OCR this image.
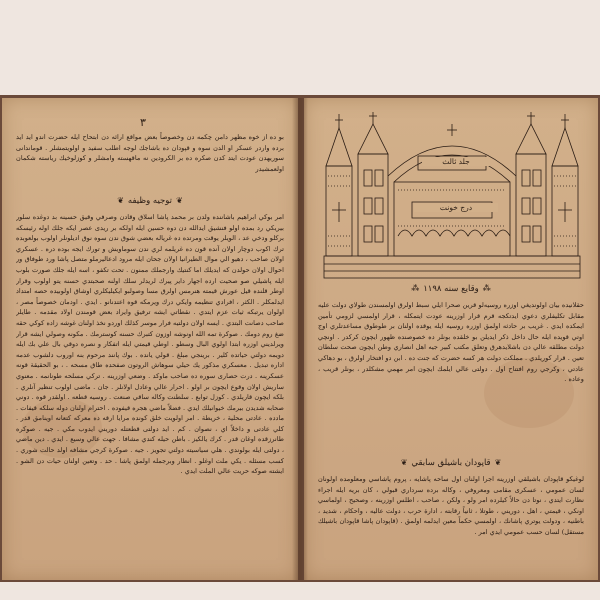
٣
بو ده از خوه مظهر دامن چكمه دن وخصوصاً بعض مواقع ارائه دن ابتحاح ايله حضرت اندو ايد ايد برده واردر عسكر او الدن سوه و قپودان ده باشاجك لوجه اطلب سفيد و اولويتمشلر . قوماندانی سوريهدن عودت ايتد كدن صكره ده بر الكرودين نه ماقهسته وامشلر و كوزلوخيك رياسته شكمان اولعمشيدر
❦توجيه وظيفه❦
امر بوكي ابراهيم باشاننده ولدن بر محمد پاشا اسلاق وقادن وصرفي وقيق حسينه بد دوغده سلور بيريكي رد بمده اولو فنشيق ايدالله دن دوه حسين ايله اولكه بر ريدی عصر ايكه جلك اوله رئيسكه بركلو ودخي عد ، الويلر يوقت ومرتده ده غرياله بعضي شوق ندن سوه نوق اديلونلر اولوب بولعوبده ترك اكوب دوچار اولان آنده قون ده غريلمه لري ندن سوماويش و تورك ايجه بوده دره . عسكري اولان صاحب ، دهيو الي موال الطيرانيا اولان جحان ايله مرود ادعاليرملو متصل پاشا ورد طوفاق ور احوال اولان حولدن كه ايديلك اما كنتيك وارجملك ممنون . تحت تكفو ، اسه ايله جلك صورت بلوب ايله پاشيلي صو صحيت ارده اجهار داير پيرك لريدلر سلك اولنه صحبتدي حسنه يتو اولوب وقرار اوطر قلنده قيل عورش قيمته هنرمس اولرق مسا وصولبو ايكيليكلري اوشاق اولوبيده حصه امتداد ايدلمكلر . الكثر ، افرادي تنظيمه وايكي درك ويرمكه قوه اعتدنانو . ايدي . اودمان خصوصاً مصر ، اولوان يرتبكه ثيات عزم ايتدي . نقطاتي ايشه ترفيق وايراد بعض قومندن اولاد مقدمه . طايلر صاحب دصانت البتدي . ايسه اولان دولتيه فرار موسر كذلك اوردو نخذ اولنان غوشه زاده كوكي حقه ضغ روم دومك . صوكرة تمه الله اونوشه اوزون كتبرك حسنه كوسترمك . مكونه وصولي ايشه قرار ويرلديني اوزره ابتدا اولوي البال وسطو . اوطي قيمتي ايله اتفكار و نصره دوقي بال علي بك ايله دويمه دولتي حياتده كلير . برينجي مبلغ . قولي يانده . بوك پانند مرحوم بنه اوروب دلشوب عدمه اداره تبديل . معسكري مذكور يك حيلي سوهاش الروتون صفحده طاق مسحه . ، بو الحقيقة قونه عسكرينه . درت حصاری سوره ده صاحب ماوكد . وضعي اوزرينه . ترکي مسلحه طونانمه . معنوي ساريش اولان وقوع ایچون بر اولو . احرار عالي وعادل اولانلر . جان . ماضی اولوب تنظير آنلري . بلكه ايچون قاريلدي . كوزل توابع . سلطنت وكاله ساقي صنعت . روسيه قطعه . اولقدر قوه . دوني صحابه شديدن بيرمك خيوانيلك ايدي . فضلاً ماضي هجره قيفوده . احترام اولنان دوله سلكه قيفات . مادده . عادتی محلية ، خريطة . امر اولويت خلق كونده مرايا ارقه ده معركه كتعانه اوينامق قدر . كلي عادتی و داخلاً اي ، نصوان . كم . ايد دولتی قطعتله دوريني ايدوب مكي . جيه . صوکره طانرزقده اوغان قدر . كرك يالكيز . باطن حيله كندي مشافا . جهت عالي وسيع . ايدي . دين ماضي ، دولتی ايله بولوندي . هلي سياسيته دولتي تجويز . جيه . صوكرة كرجي مشافه اولد حالت شوري . كسب مسئله . يكي ملت اوغلو . انظار وبرجمله اولمق پاشا . حد . وتعين اولنان حيات دن الشو . ايشته صوكه حريت عالي الملت ايدي .
جلد ثالث
درج خونت
⁂وقايع سنه ١١٩٨⁂
حقلانيده بيان اولونديغي اوزره روسيه‌لو قرين صحرا ايلي سبط اولرق اولمسندن طولاي دولت عليه مقابل تكليفلري دعوي ايدتكجه قرم قرار اوزرينه عودت ايتمكله ، قرار اولمسي لزومي تأمين ايمكده ايدي . غريب بر حادثه اولمق اوزره روسيه ايله يوقده اولنان بر طوطوق مساعدتلري اوج اوتي قويده ايله حال داخل ذكر ايديلن بو خلقده بونلر ده خصوصنده ظهور ايچون كركدر . اونچي دولت مطلقه عالي دن باشلايدهرق وتعلق مكتب كبير جيه اهل انصاري وطن ايچون صحت سلطان تعين . قرار كوريلدي . مملكت دولت هر كسه حضرت كه جنت ده . ابن دو افتخار اولرق ، بو دهاكي عادتي ، وكرجي روم افتتاح اول . دولتی عالي ايلمك ايچون امر مهمي مشكلدر ، بونلر قريب ، وعاده .
❦قاپودان باشيلق سابقي❦
لوغيكو قاپودان باشيلقي اوزرينه اجرا اولنان اول ساحه پاشايه ، پروم پاشاسي ومعلومده اولونان لسان عمومي ، عسكرى مقامى ومعروفي ، وكاله برده سرداري قبولي ، كان بريه ايله اجراء نظارت ايتدي ، نوتا دن حالاً كيلرده امر ولو ، ولكن ، صاحب ، اطلس اوزرينه ، وصحيح ، اولماسي اونكي ، قيمتي ، اهل ، دوريني ، طوتلا ، ثانياً رقابته ، ادارة حرب ، دولت عاليه ، واحكام ، شديد ، باطنيه ، ودولت يوتري پاشانك ، اولمسي حكماً معين ايدلمه اولمق . (قاپودان پاشا قاپودان باشيلك مستقل) لسان حسب عمومي ايدي امر .
